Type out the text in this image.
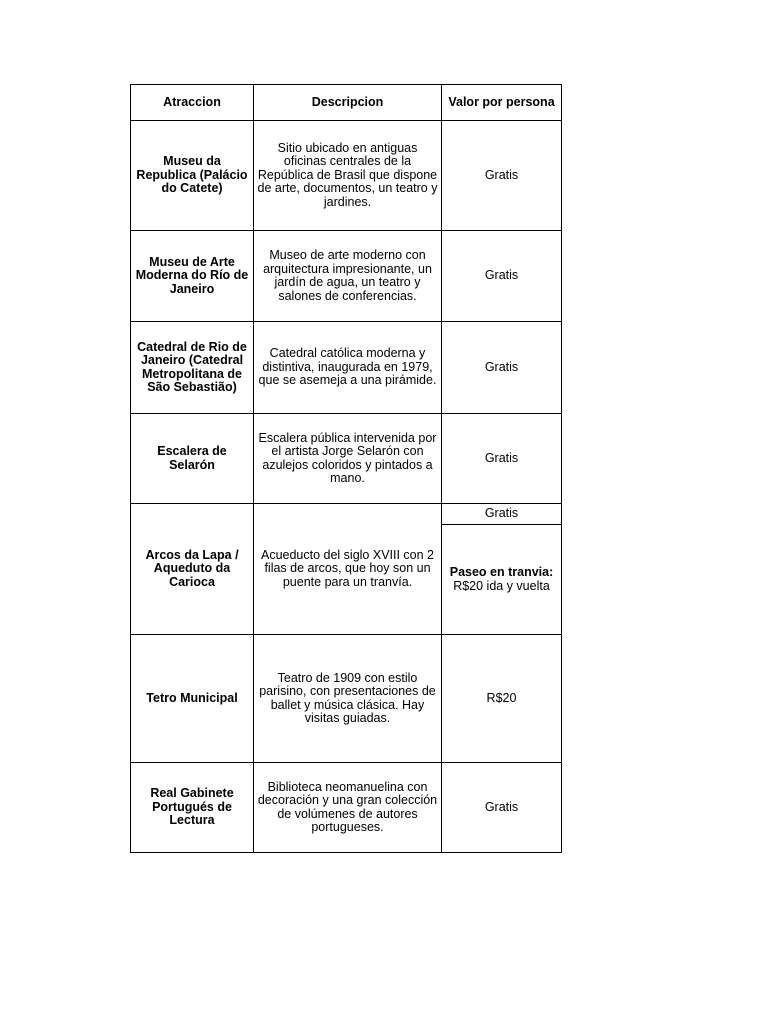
Atraccion	Descripcion	Valor por persona
Museu da Republica (Palácio do Catete)	Sitio ubicado en antiguas oficinas centrales de la República de Brasil que dispone de arte, documentos, un teatro y jardines.	Gratis
Museu de Arte Moderna do Río de Janeiro	Museo de arte moderno con arquitectura impresionante, un jardín de agua, un teatro y salones de conferencias.	Gratis
Catedral de Rio de Janeiro (Catedral Metropolitana de São Sebastião)	Catedral católica moderna y distintiva, inaugurada en 1979, que se asemeja a una pirámide.	Gratis
Escalera de Selarón	Escalera pública intervenida por el artista Jorge Selarón con azulejos coloridos y pintados a mano.	Gratis
Arcos da Lapa / Aqueduto da Carioca	Acueducto del siglo XVIII con 2 filas de arcos, que hoy son un puente para un tranvía.	Gratis

		Paseo en tranvia:
R$20 ida y vuelta

Tetro Municipal	Teatro de 1909 con estilo parisino, con presentaciones de ballet y música clásica. Hay visitas guiadas.	R$20
Real Gabinete Portugués de Lectura	Biblioteca neomanuelina con decoración y una gran colección de volúmenes de autores portugueses.	Gratis
